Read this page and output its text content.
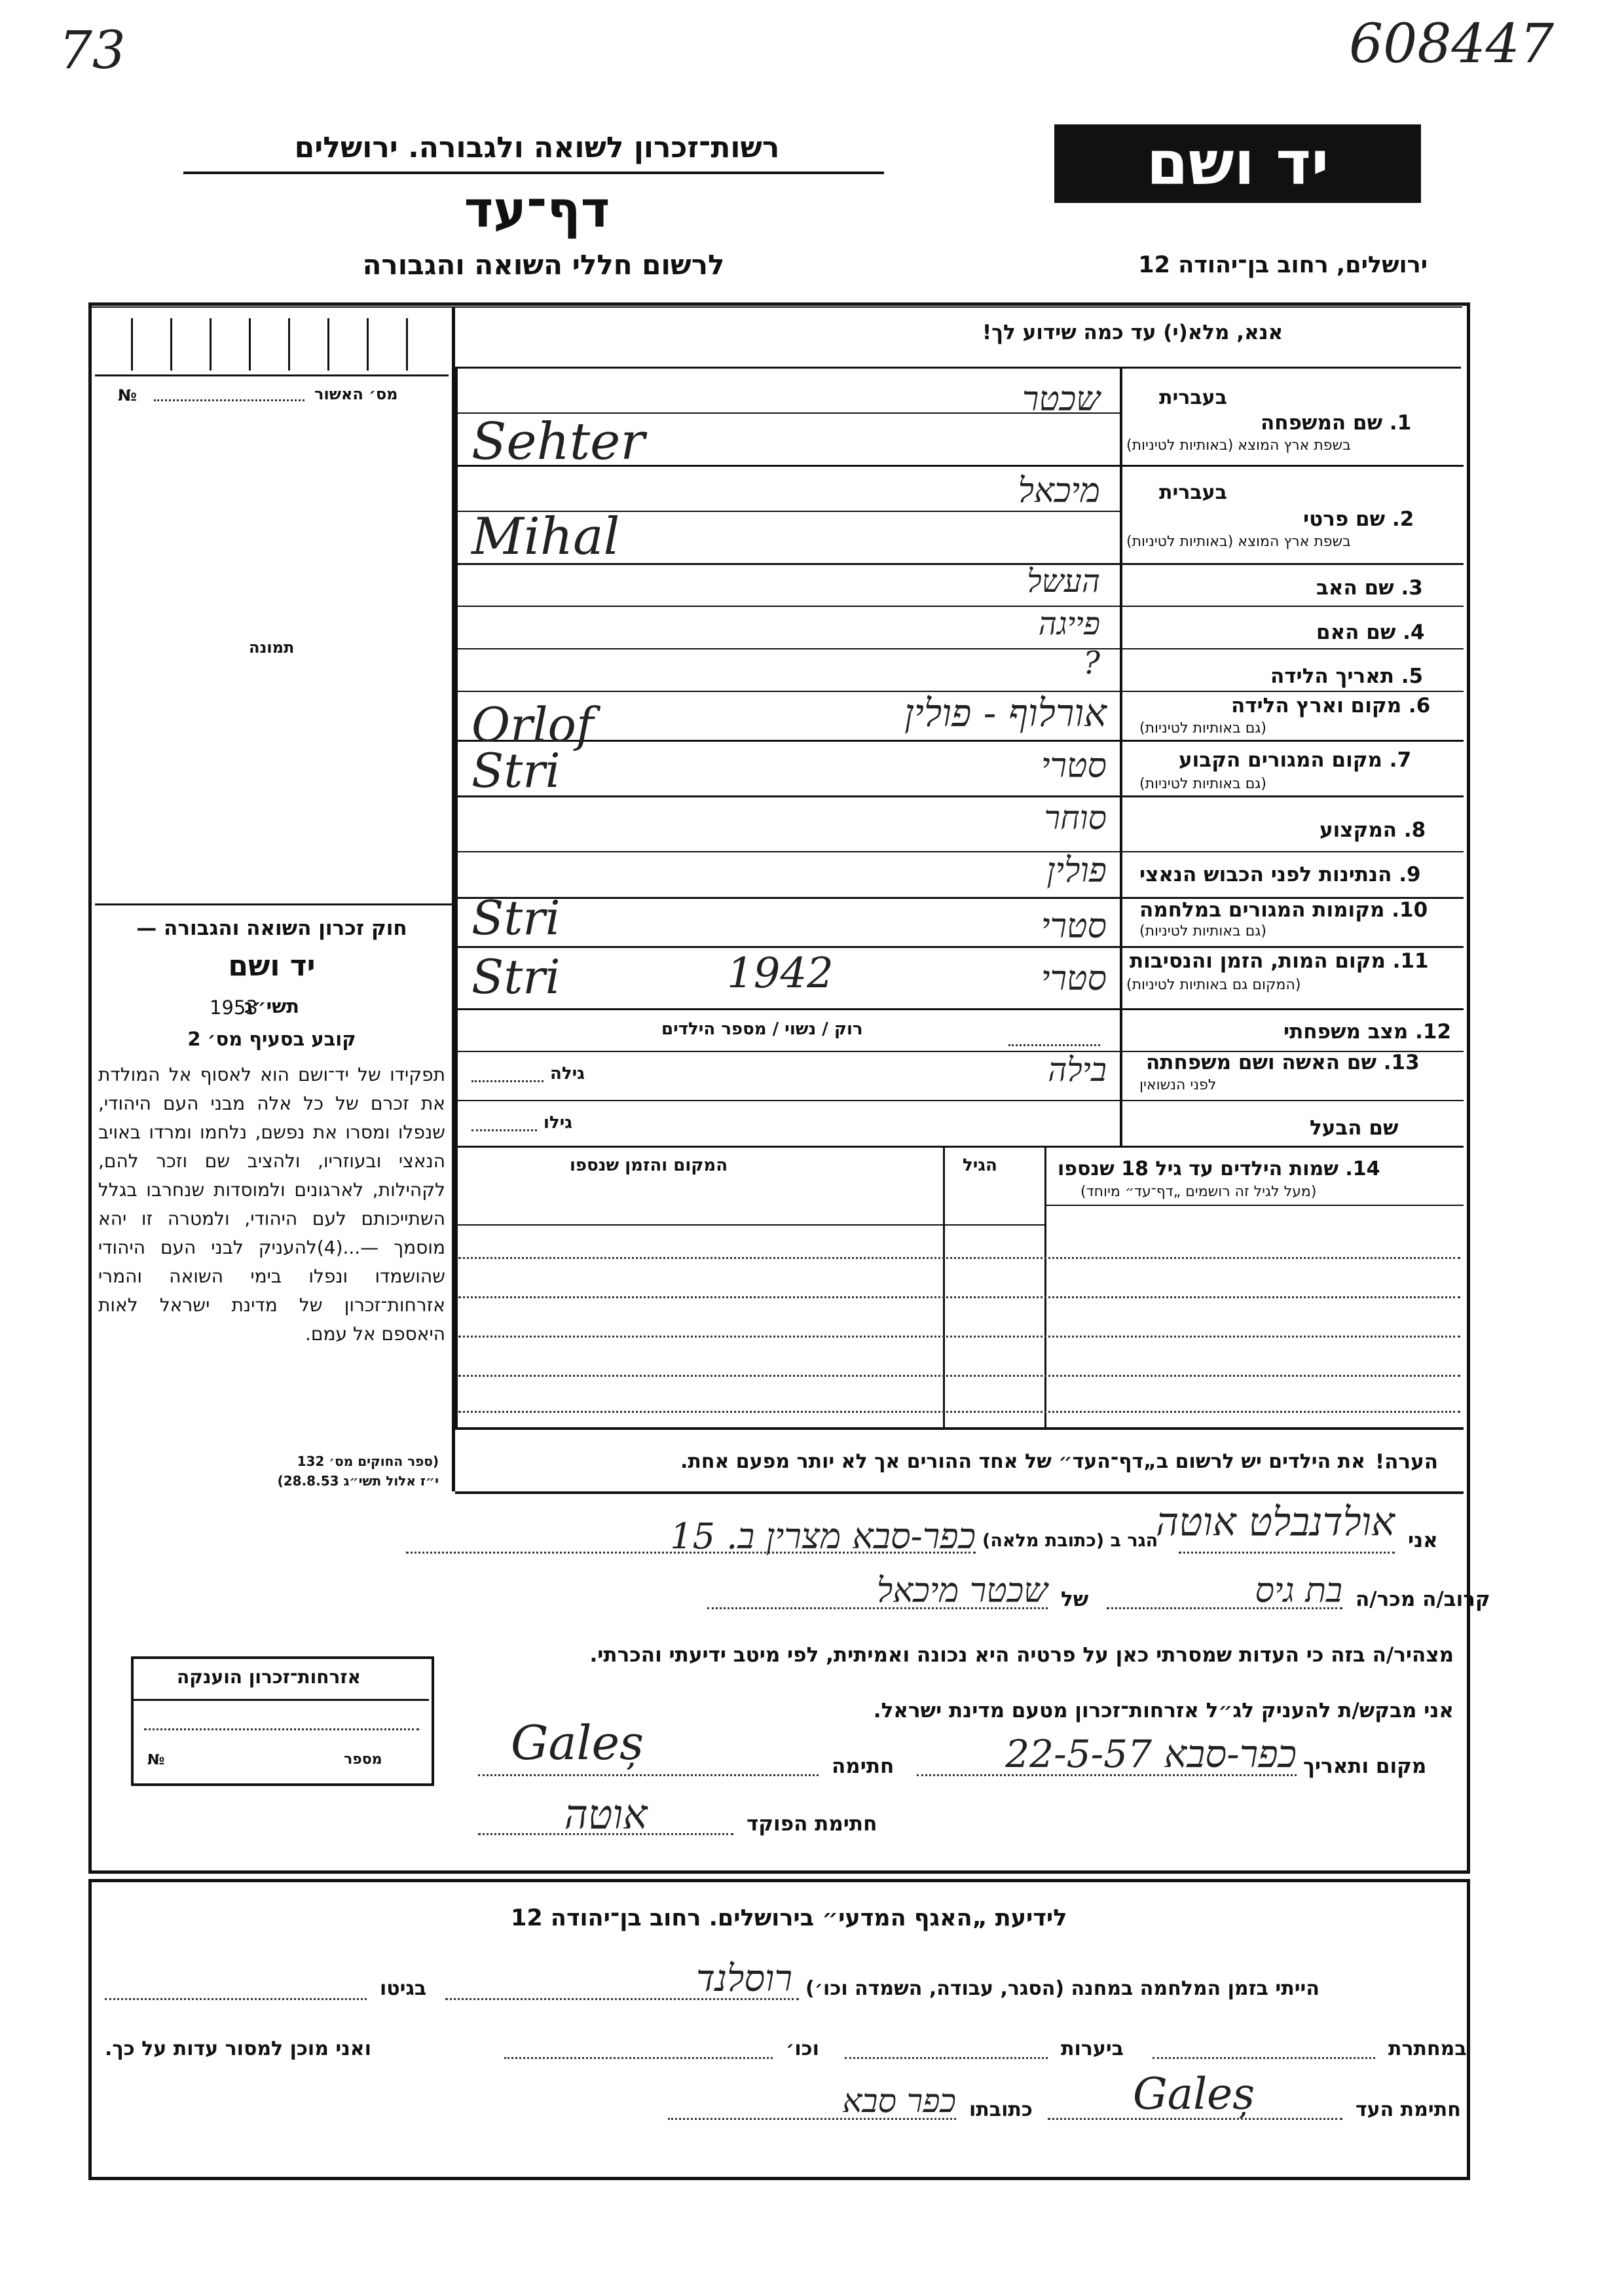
73	608447
יד ושם
רשות־זכרון לשואה ולגבורה. ירושלים
דף־עד
לרשום חללי השואה והגבורה	ירושלים, רחוב בן־יהודה 12
מס׳ האשור
№
תמונה
חוק זכרון השואה והגבורה —
יד ושם
תשי״ג
1953
קובע בסעיף מס׳ 2
תפקידו של יד־ושם הוא לאסוף אל המולדת את זכרם של כל אלה מבני העם היהודי, שנפלו ומסרו את נפשם, נלחמו ומרדו באויב הנאצי ובעוזריו, ולהציב שם וזכר להם, לקהילות, לארגונים ולמוסדות שנחרבו בגלל השתייכותם לעם היהודי, ולמטרה זו יהא מוסמך —...(4)להעניק לבני העם היהודי שהושמדו ונפלו בימי השואה והמרי אזרחות־זכרון של מדינת ישראל לאות היאספם אל עמם.
(ספר החוקים מס׳ 132
י״ז אלול תשי״ג 28.8.53)
אזרחות־זכרון הוענקה
מספר
№
אנא, מלא(י) עד כמה שידוע לך!
בעברית
1. שם המשפחה
בשפת ארץ המוצא (באותיות לטיניות)
בעברית
2. שם פרטי
בשפת ארץ המוצא (באותיות לטיניות)
3. שם האב
4. שם האם
5. תאריך הלידה
6. מקום וארץ הלידה
(גם באותיות לטיניות)
7. מקום המגורים הקבוע
(גם באותיות לטיניות)
8. המקצוע
9. הנתינות לפני הכבוש הנאצי
10. מקומות המגורים במלחמה
(גם באותיות לטיניות)
11. מקום המות, הזמן והנסיבות
(המקום גם באותיות לטיניות)
12. מצב משפחתי
13. שם האשה ושם משפחתה
לפני הנשואין
שם הבעל
שכטר
Sehter
מיכאל
Mihal
העשל
פייגה
?
אורלוף - פולין
Orlof
סטרי
Stri
סוחר
פולין
סטרי
Stri
סטרי
1942
Stri
רוק / נשוי / מספר הילדים
בילה
גילה
גילו
14. שמות הילדים עד גיל 18 שנספו
(מעל לגיל זה רושמים „דף־עד״ מיוחד)
הגיל
המקום והזמן שנספו
הערה!
את הילדים יש לרשום ב„דף־העד״ של אחד ההורים אך לא יותר מפעם אחת.
אני
אולדנבלט אוטה
הגר ב (כתובת מלאה)
כפר-סבא מצרין ב. 15
קרוב/ה מכר/ה
בת גיס
של
שכטר מיכאל
מצהיר/ה בזה כי העדות שמסרתי כאן על פרטיה היא נכונה ואמיתית, לפי מיטב ידיעתי והכרתי.
אני מבקש/ת להעניק לג״ל אזרחות־זכרון מטעם מדינת ישראל.
מקום ותאריך
כפר-סבא 22-5-57
חתימה
Galeș
חתימת הפוקד
אוטה
לידיעת „האגף המדעי״ בירושלים. רחוב בן־יהודה 12
הייתי בזמן המלחמה במחנה (הסגר, עבודה, השמדה וכו׳)
רוסלנד
בגיטו
במחתרת
ביערות
וכו׳
ואני מוכן למסור עדות על כך.
חתימת העד
Galeș
כתובתו
כפר סבא
